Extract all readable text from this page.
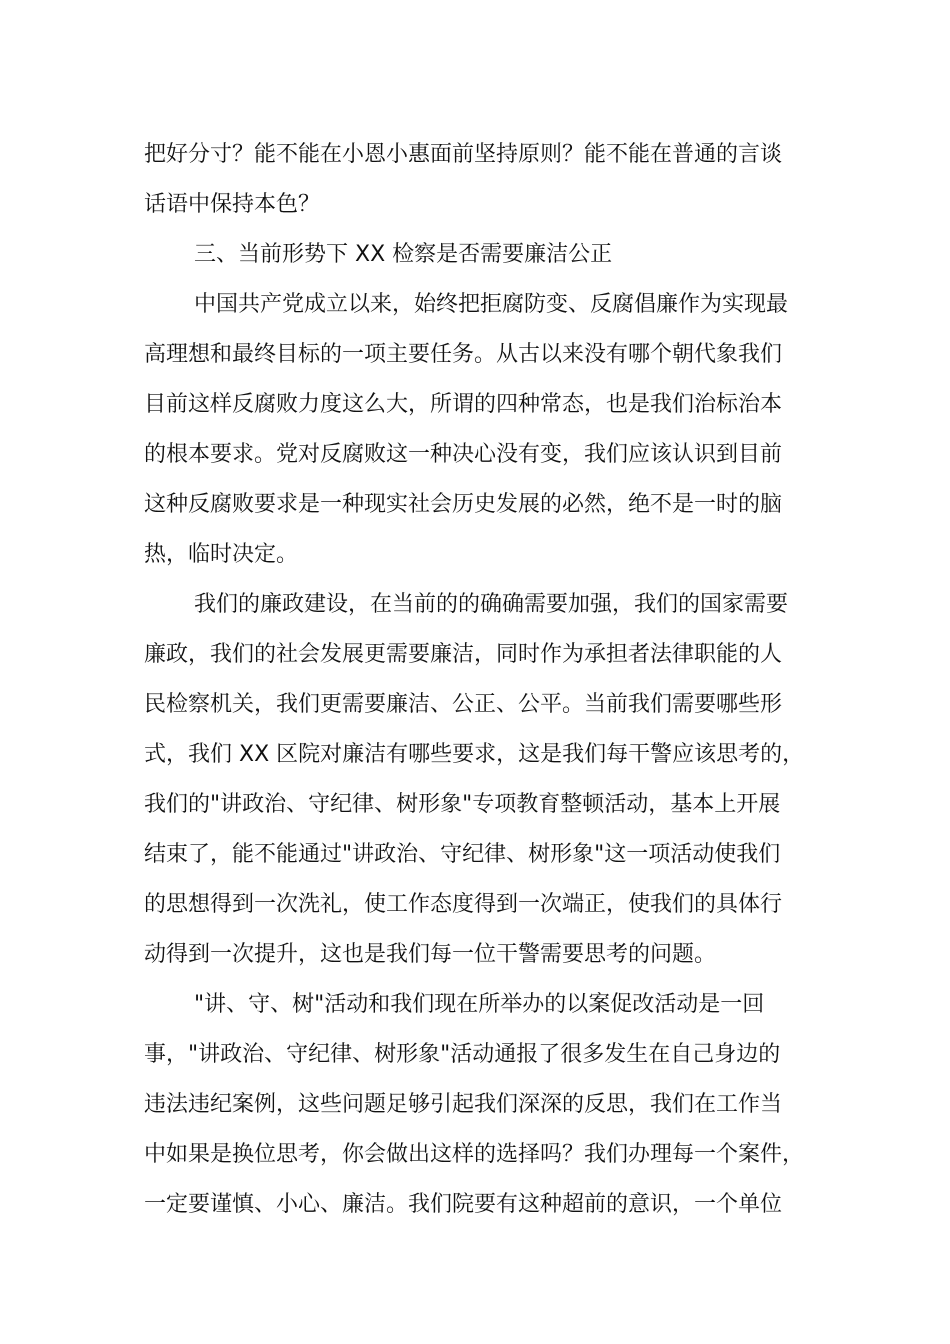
把好分寸？能不能在小恩小惠面前坚持原则？能不能在普通的言谈
话语中保持本色？
三、当前形势下 XX 检察是否需要廉洁公正
中国共产党成立以来，始终把拒腐防变、反腐倡廉作为实现最
高理想和最终目标的一项主要任务。从古以来没有哪个朝代象我们
目前这样反腐败力度这么大，所谓的四种常态，也是我们治标治本
的根本要求。党对反腐败这一种决心没有变，我们应该认识到目前
这种反腐败要求是一种现实社会历史发展的必然，绝不是一时的脑
热，临时决定。
我们的廉政建设，在当前的的确确需要加强，我们的国家需要
廉政，我们的社会发展更需要廉洁，同时作为承担者法律职能的人
民检察机关，我们更需要廉洁、公正、公平。当前我们需要哪些形
式，我们 XX 区院对廉洁有哪些要求，这是我们每干警应该思考的，
我们的"讲政治、守纪律、树形象"专项教育整顿活动，基本上开展
结束了，能不能通过"讲政治、守纪律、树形象"这一项活动使我们
的思想得到一次洗礼，使工作态度得到一次端正，使我们的具体行
动得到一次提升，这也是我们每一位干警需要思考的问题。
"讲、守、树"活动和我们现在所举办的以案促改活动是一回
事，"讲政治、守纪律、树形象"活动通报了很多发生在自己身边的
违法违纪案例，这些问题足够引起我们深深的反思，我们在工作当
中如果是换位思考，你会做出这样的选择吗？我们办理每一个案件，
一定要谨慎、小心、廉洁。我们院要有这种超前的意识，一个单位
